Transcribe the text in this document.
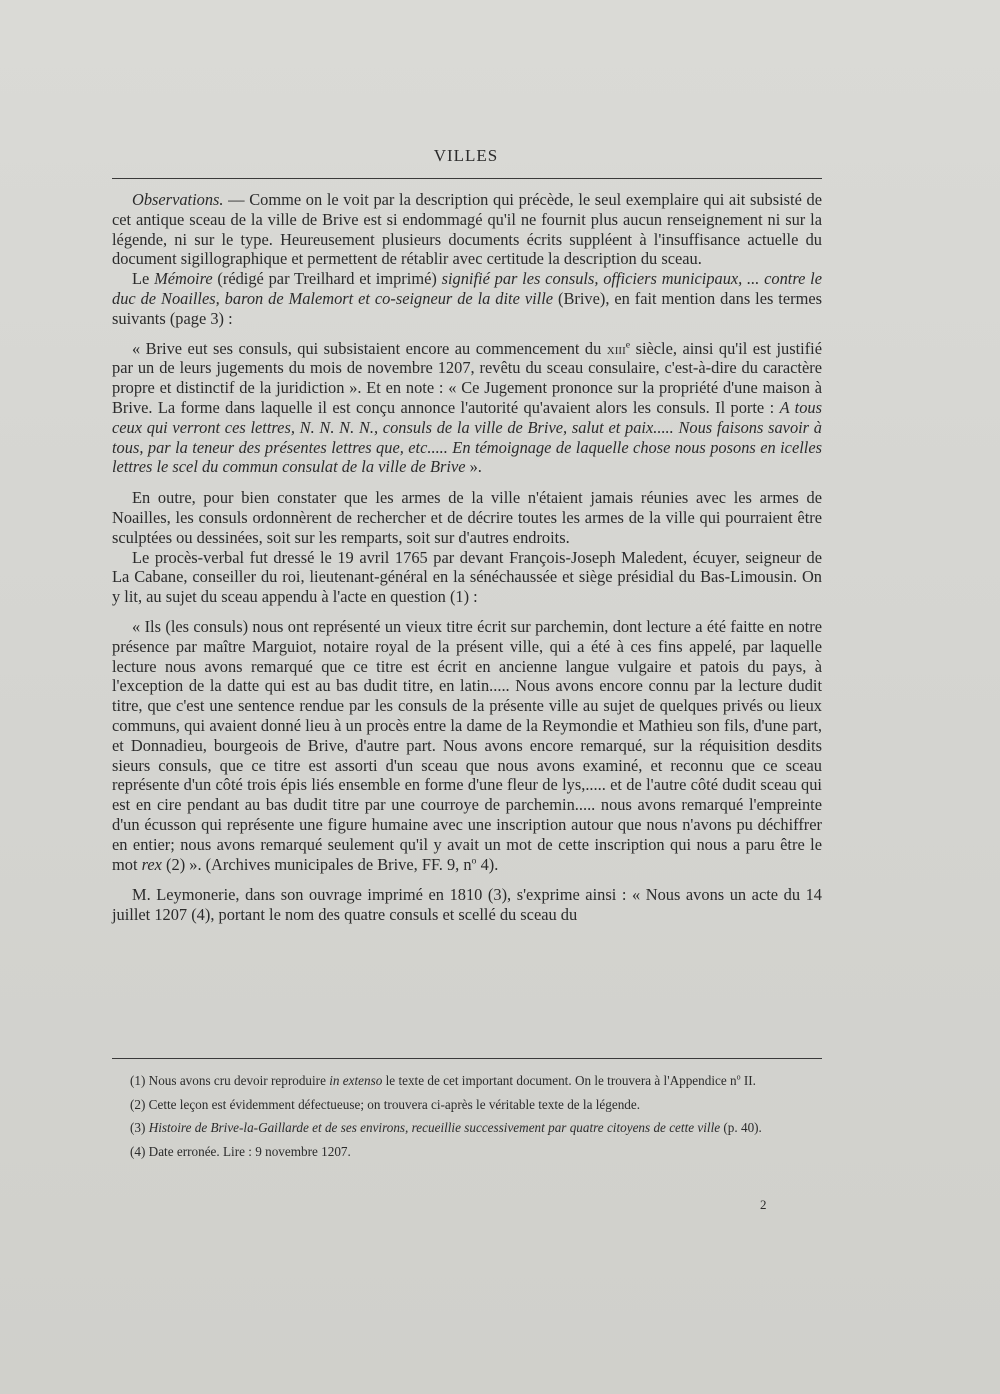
VILLES

Observations. — Comme on le voit par la description qui précède, le seul exemplaire qui ait subsisté de cet antique sceau de la ville de Brive est si endommagé qu'il ne fournit plus aucun renseignement ni sur la légende, ni sur le type. Heureusement plusieurs documents écrits suppléent à l'insuffisance actuelle du document sigillographique et permettent de rétablir avec certitude la description du sceau.

Le Mémoire (rédigé par Treilhard et imprimé) signifié par les consuls, officiers municipaux, ... contre le duc de Noailles, baron de Malemort et co-seigneur de la dite ville (Brive), en fait mention dans les termes suivants (page 3) :

« Brive eut ses consuls, qui subsistaient encore au commencement du xiii$^e$ siècle, ainsi qu'il est justifié par un de leurs jugements du mois de novembre 1207, revêtu du sceau consulaire, c'est-à-dire du caractère propre et distinctif de la juridiction ». Et en note : « Ce Jugement prononce sur la propriété d'une maison à Brive. La forme dans laquelle il est conçu annonce l'autorité qu'avaient alors les consuls. Il porte : A tous ceux qui verront ces lettres, N. N. N. N., consuls de la ville de Brive, salut et paix..... Nous faisons savoir à tous, par la teneur des présentes lettres que, etc..... En témoignage de laquelle chose nous posons en icelles lettres le scel du commun consulat de la ville de Brive ».

En outre, pour bien constater que les armes de la ville n'étaient jamais réunies avec les armes de Noailles, les consuls ordonnèrent de rechercher et de décrire toutes les armes de la ville qui pourraient être sculptées ou dessinées, soit sur les remparts, soit sur d'autres endroits.

Le procès-verbal fut dressé le 19 avril 1765 par devant François-Joseph Maledent, écuyer, seigneur de La Cabane, conseiller du roi, lieutenant-général en la sénéchaussée et siège présidial du Bas-Limousin. On y lit, au sujet du sceau appendu à l'acte en question (1) :

« Ils (les consuls) nous ont représenté un vieux titre écrit sur parchemin, dont lecture a été faitte en notre présence par maître Marguiot, notaire royal de la présent ville, qui a été à ces fins appelé, par laquelle lecture nous avons remarqué que ce titre est écrit en ancienne langue vulgaire et patois du pays, à l'exception de la datte qui est au bas dudit titre, en latin..... Nous avons encore connu par la lecture dudit titre, que c'est une sentence rendue par les consuls de la présente ville au sujet de quelques privés ou lieux communs, qui avaient donné lieu à un procès entre la dame de la Reymondie et Mathieu son fils, d'une part, et Donnadieu, bourgeois de Brive, d'autre part. Nous avons encore remarqué, sur la réquisition desdits sieurs consuls, que ce titre est assorti d'un sceau que nous avons examiné, et reconnu que ce sceau représente d'un côté trois épis liés ensemble en forme d'une fleur de lys,..... et de l'autre côté dudit sceau qui est en cire pendant au bas dudit titre par une courroye de parchemin..... nous avons remarqué l'empreinte d'un écusson qui représente une figure humaine avec une inscription autour que nous n'avons pu déchiffrer en entier; nous avons remarqué seulement qu'il y avait un mot de cette inscription qui nous a paru être le mot rex (2) ». (Archives municipales de Brive, FF. 9, $n^o$ 4).

M. Leymonerie, dans son ouvrage imprimé en 1810 (3), s'exprime ainsi : « Nous avons un acte du 14 juillet 1207 (4), portant le nom des quatre consuls et scellé du sceau du

(1) Nous avons cru devoir reproduire in extenso le texte de cet important document. On le trouvera à l'Appendice $n^o$ II.

(2) Cette leçon est évidemment défectueuse; on trouvera ci-après le véritable texte de la légende.

(3) Histoire de Brive-la-Gaillarde et de ses environs, recueillie successivement par quatre citoyens de cette ville (p. 40).

(4) Date erronée. Lire : 9 novembre 1207.

2
